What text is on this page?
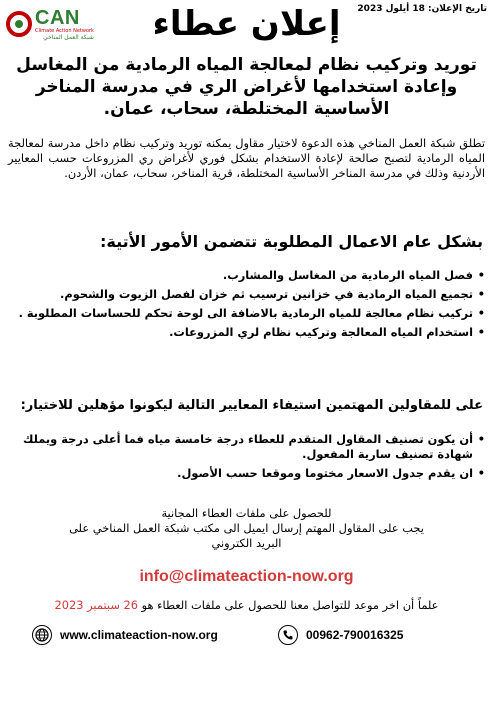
CAN
Climate Action Network
شبكة العمل المناخي
تاريخ الإعلان: 18 أيلول 2023
إعلان عطاء
توريد وتركيب نظام لمعالجة المياه الرمادية من المغاسل
وإعادة استخدامها لأغراض الري في مدرسة المناخر
الأساسية المختلطة، سحاب، عمان.

تطلق شبكة العمل المناخي هذه الدعوة لاختيار مقاول يمكنه توريد وتركيب نظام داخل مدرسة لمعالجة المياه الرمادية لتصبح صالحة لإعادة الاستخدام بشكل فوري لأغراض ري المزروعات حسب المعايير الأردنية وذلك في مدرسة المناخر الأساسية المختلطة، قرية المناخر، سحاب، عمان، الأردن.

بشكل عام الاعمال المطلوبة تتضمن الأمور الأتية:
• فصل المياه الرمادية من المغاسل والمشارب.
• تجميع المياه الرمادية في خزانين ترسيب ثم خزان لفصل الزيوت والشحوم.
• تركيب نظام معالجة للمياه الرمادية بالاضافة الى لوحة تحكم للحساسات المطلوبة .
• استخدام المياه المعالجة وتركيب نظام لري المزروعات.
على للمقاولين المهتمين استيفاء المعايير التالية ليكونوا مؤهلين للاختيار:
• أن يكون تصنيف المقاول المتقدم للعطاء درجة خامسة مياه فما أعلى درجة ويملك شهادة تصنيف سارية المفعول.
• ان يقدم جدول الاسعار مختوما وموقعا حسب الأصول.
للحصول على ملفات العطاء المجانية
يجب على المقاول المهتم إرسال ايميل الى مكتب شبكة العمل المناخي على
البريد الكتروني
info@climateaction-now.org
علماً أن اخر موعد للتواصل معنا للحصول على ملفات العطاء هو 26 سبتمبر 2023
www.climateaction-now.org	00962-790016325
